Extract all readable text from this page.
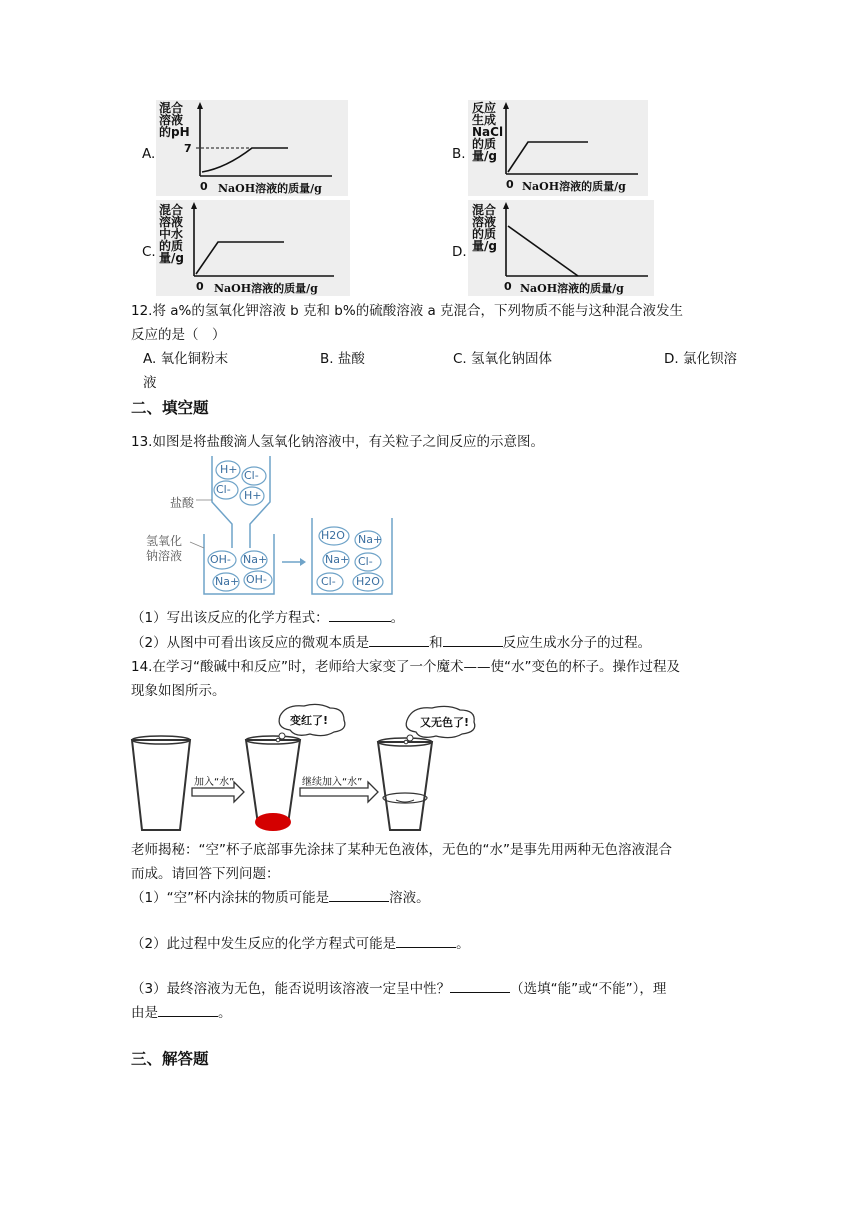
A.
混合
溶液
的pH
7
0 NaOH溶液的质量/g
B.
反应
生成
NaCl
的质
量/g
0 NaOH溶液的质量/g
C.
混合
溶液
中水
的质
量/g
0 NaOH溶液的质量/g
D.
混合
溶液
的质
量/g
0 NaOH溶液的质量/g
12.将 a%的氢氧化钾溶液 b 克和 b%的硫酸溶液 a 克混合，下列物质不能与这种混合液发生
反应的是（　）
A. 氧化铜粉末	B. 盐酸	C. 氢氧化钠固体	D. 氯化钡溶
液
二、填空题
13.如图是将盐酸滴人氢氧化钠溶液中，有关粒子之间反应的示意图。
盐酸
氢氧化
钠溶液
H+ Cl-
Cl- H+
OH- Na+
Na+ OH-
H2O Na+
Na+ Cl-
Cl- H2O
（1）写出该反应的化学方程式：	。
（2）从图中可看出该反应的微观本质是	和	反应生成水分子的过程。
14.在学习“酸碱中和反应”时，老师给大家变了一个魔术——使“水”变色的杯子。操作过程及
现象如图所示。
变红了!	又无色了!
加入“水”	继续加入“水”
老师揭秘：“空”杯子底部事先涂抹了某种无色液体，无色的“水”是事先用两种无色溶液混合
而成。请回答下列问题：
（1）“空”杯内涂抹的物质可能是	溶液。
（2）此过程中发生反应的化学方程式可能是	。
（3）最终溶液为无色，能否说明该溶液一定呈中性？	（选填“能”或“不能”），理
由是	。
三、解答题
